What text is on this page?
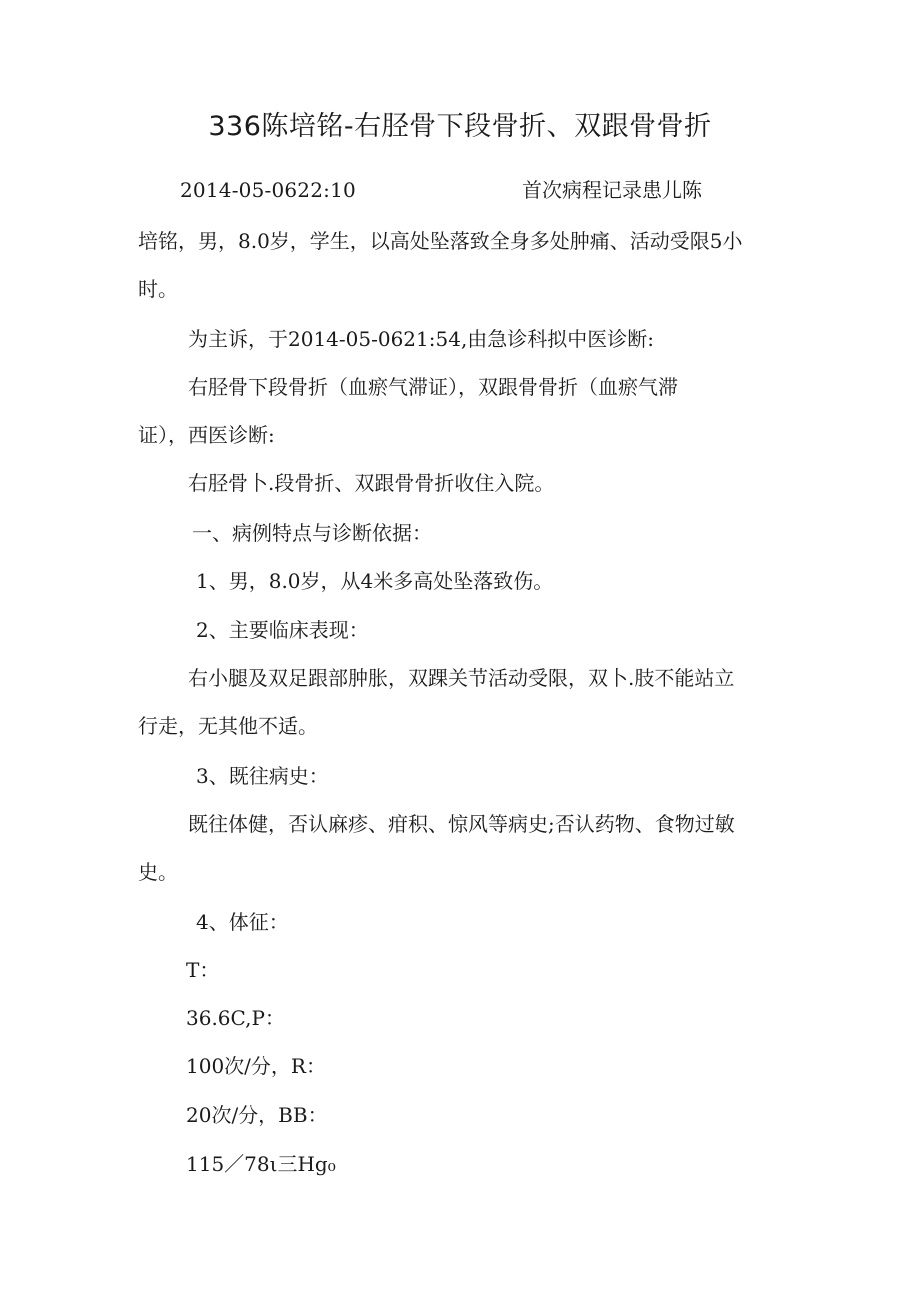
336陈培铭-右胫骨下段骨折、双跟骨骨折
2014-05-0622:10	首次病程记录患儿陈
培铭，男，8.0岁，学生，以高处坠落致全身多处肿痛、活动受限5小
时。
为主诉，于2014-05-0621:54,由急诊科拟中医诊断:
右胫骨下段骨折（血瘀气滞证），双跟骨骨折（血瘀气滞
证），西医诊断:
右胫骨卜.段骨折、双跟骨骨折收住入院。
一、病例特点与诊断依据：
1、男，8.0岁，从4米多高处坠落致伤。
2、主要临床表现：
右小腿及双足跟部肿胀，双踝关节活动受限，双卜.肢不能站立
行走，无其他不适。
3、既往病史：
既往体健，否认麻疹、疳积、惊风等病史;否认药物、食物过敏
史。
4、体征：
T：
36.6C,P：
100次/分，R：
20次/分，BB：
115／78ι三Hg₀
